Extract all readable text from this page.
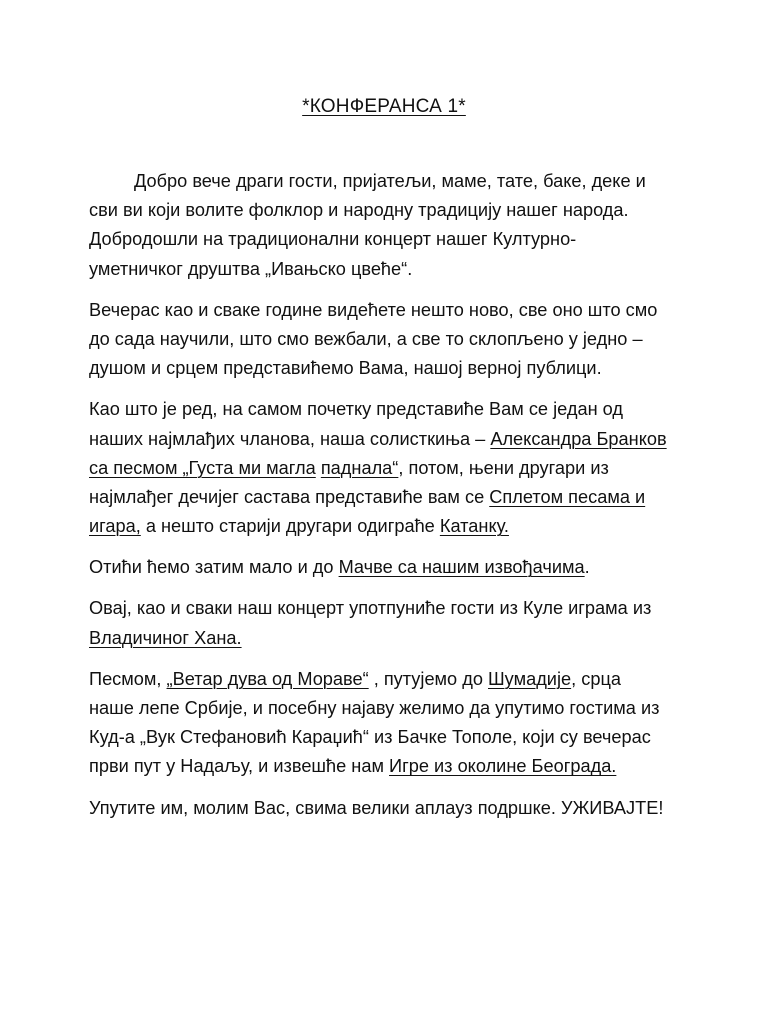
*КОНФЕРАНСА 1*

Добро вече драги гости, пријатељи, маме, тате, баке, деке и
сви ви који волите фолклор и народну традицију нашег народа.
Добродошли на традиционални концерт нашег Културно-
уметничког друштва „Ивањско цвеће“.

Вечерас као и сваке године видећете нешто ново, све оно што смо
до сада научили, што смо вежбали, а све то склопљено у једно –
душом и срцем представићемо Вама, нашој верној публици.

Као што је ред, на самом почетку представиће Вам се један од
наших најмлађих чланова, наша солисткиња – Александра Бранков
са песмом „Густа ми магла паднала“, потом, њени другари из
најмлађег дечијег састава представиће вам се Сплетом песама и
игара, а нешто старији другари одиграће Катанку.

Отићи ћемо затим мало и до Мачве са нашим извођачима.

Овај, као и сваки наш концерт употпуниће гости из Куле играма из
Владичиног Хана.

Песмом, „Ветар дува од Мораве“ , путујемо до Шумадије, срца
наше лепе Србије, и посебну најаву желимо да упутимо гостима из
Куд-а „Вук Стефановић Караџић“ из Бачке Тополе, који су вечерас
први пут у Надаљу, и извешће нам Игре из околине Београда.

Упутите им, молим Вас, свима велики аплауз подршке. УЖИВАЈТЕ!
